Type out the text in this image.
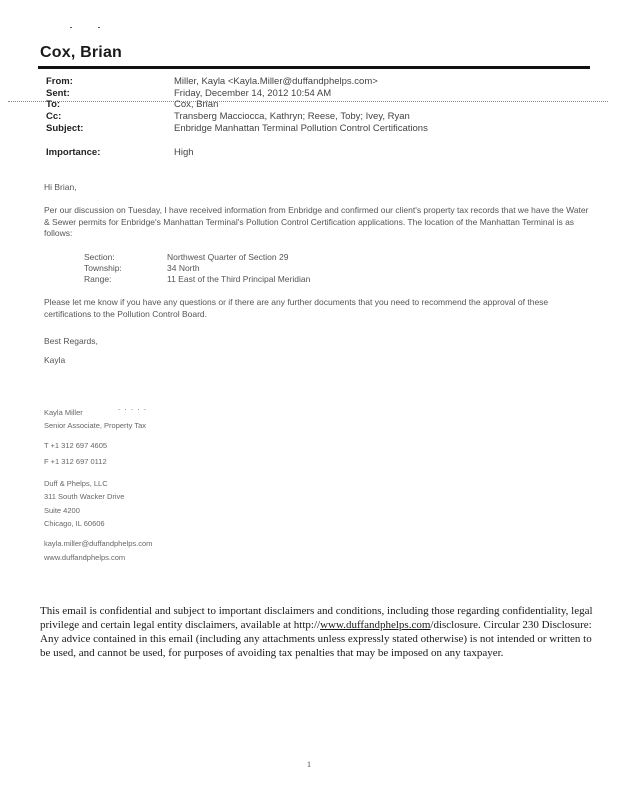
Cox, Brian
From:	Miller, Kayla <Kayla.Miller@duffandphelps.com>
Sent:	Friday, December 14, 2012 10:54 AM
To:	Cox, Brian
Cc:	Transberg Macciocca, Kathryn; Reese, Toby; Ivey, Ryan
Subject:	Enbridge Manhattan Terminal Pollution Control Certifications
Importance:	High
Hi Brian,
Per our discussion on Tuesday, I have received information from Enbridge and confirmed our client's property tax records that we have the Water & Sewer permits for Enbridge's Manhattan Terminal's Pollution Control Certification applications. The location of the Manhattan Terminal is as follows:
Section:	Northwest Quarter of Section 29
Township:	34 North
Range:	11 East of the Third Principal Meridian
Please let me know if you have any questions or if there are any further documents that you need to recommend the approval of these certifications to the Pollution Control Board.
Best Regards,
Kayla
. . . . .
Kayla Miller
Senior Associate, Property Tax
T +1 312 697 4605
F +1 312 697 0112
Duff & Phelps, LLC
311 South Wacker Drive
Suite 4200
Chicago, IL 60606
kayla.miller@duffandphelps.com
www.duffandphelps.com
This email is confidential and subject to important disclaimers and conditions, including those regarding confidentiality, legal privilege and certain legal entity disclaimers, available at http://www.duffandphelps.com/disclosure. Circular 230 Disclosure: Any advice contained in this email (including any attachments unless expressly stated otherwise) is not intended or written to be used, and cannot be used, for purposes of avoiding tax penalties that may be imposed on any taxpayer.
1
